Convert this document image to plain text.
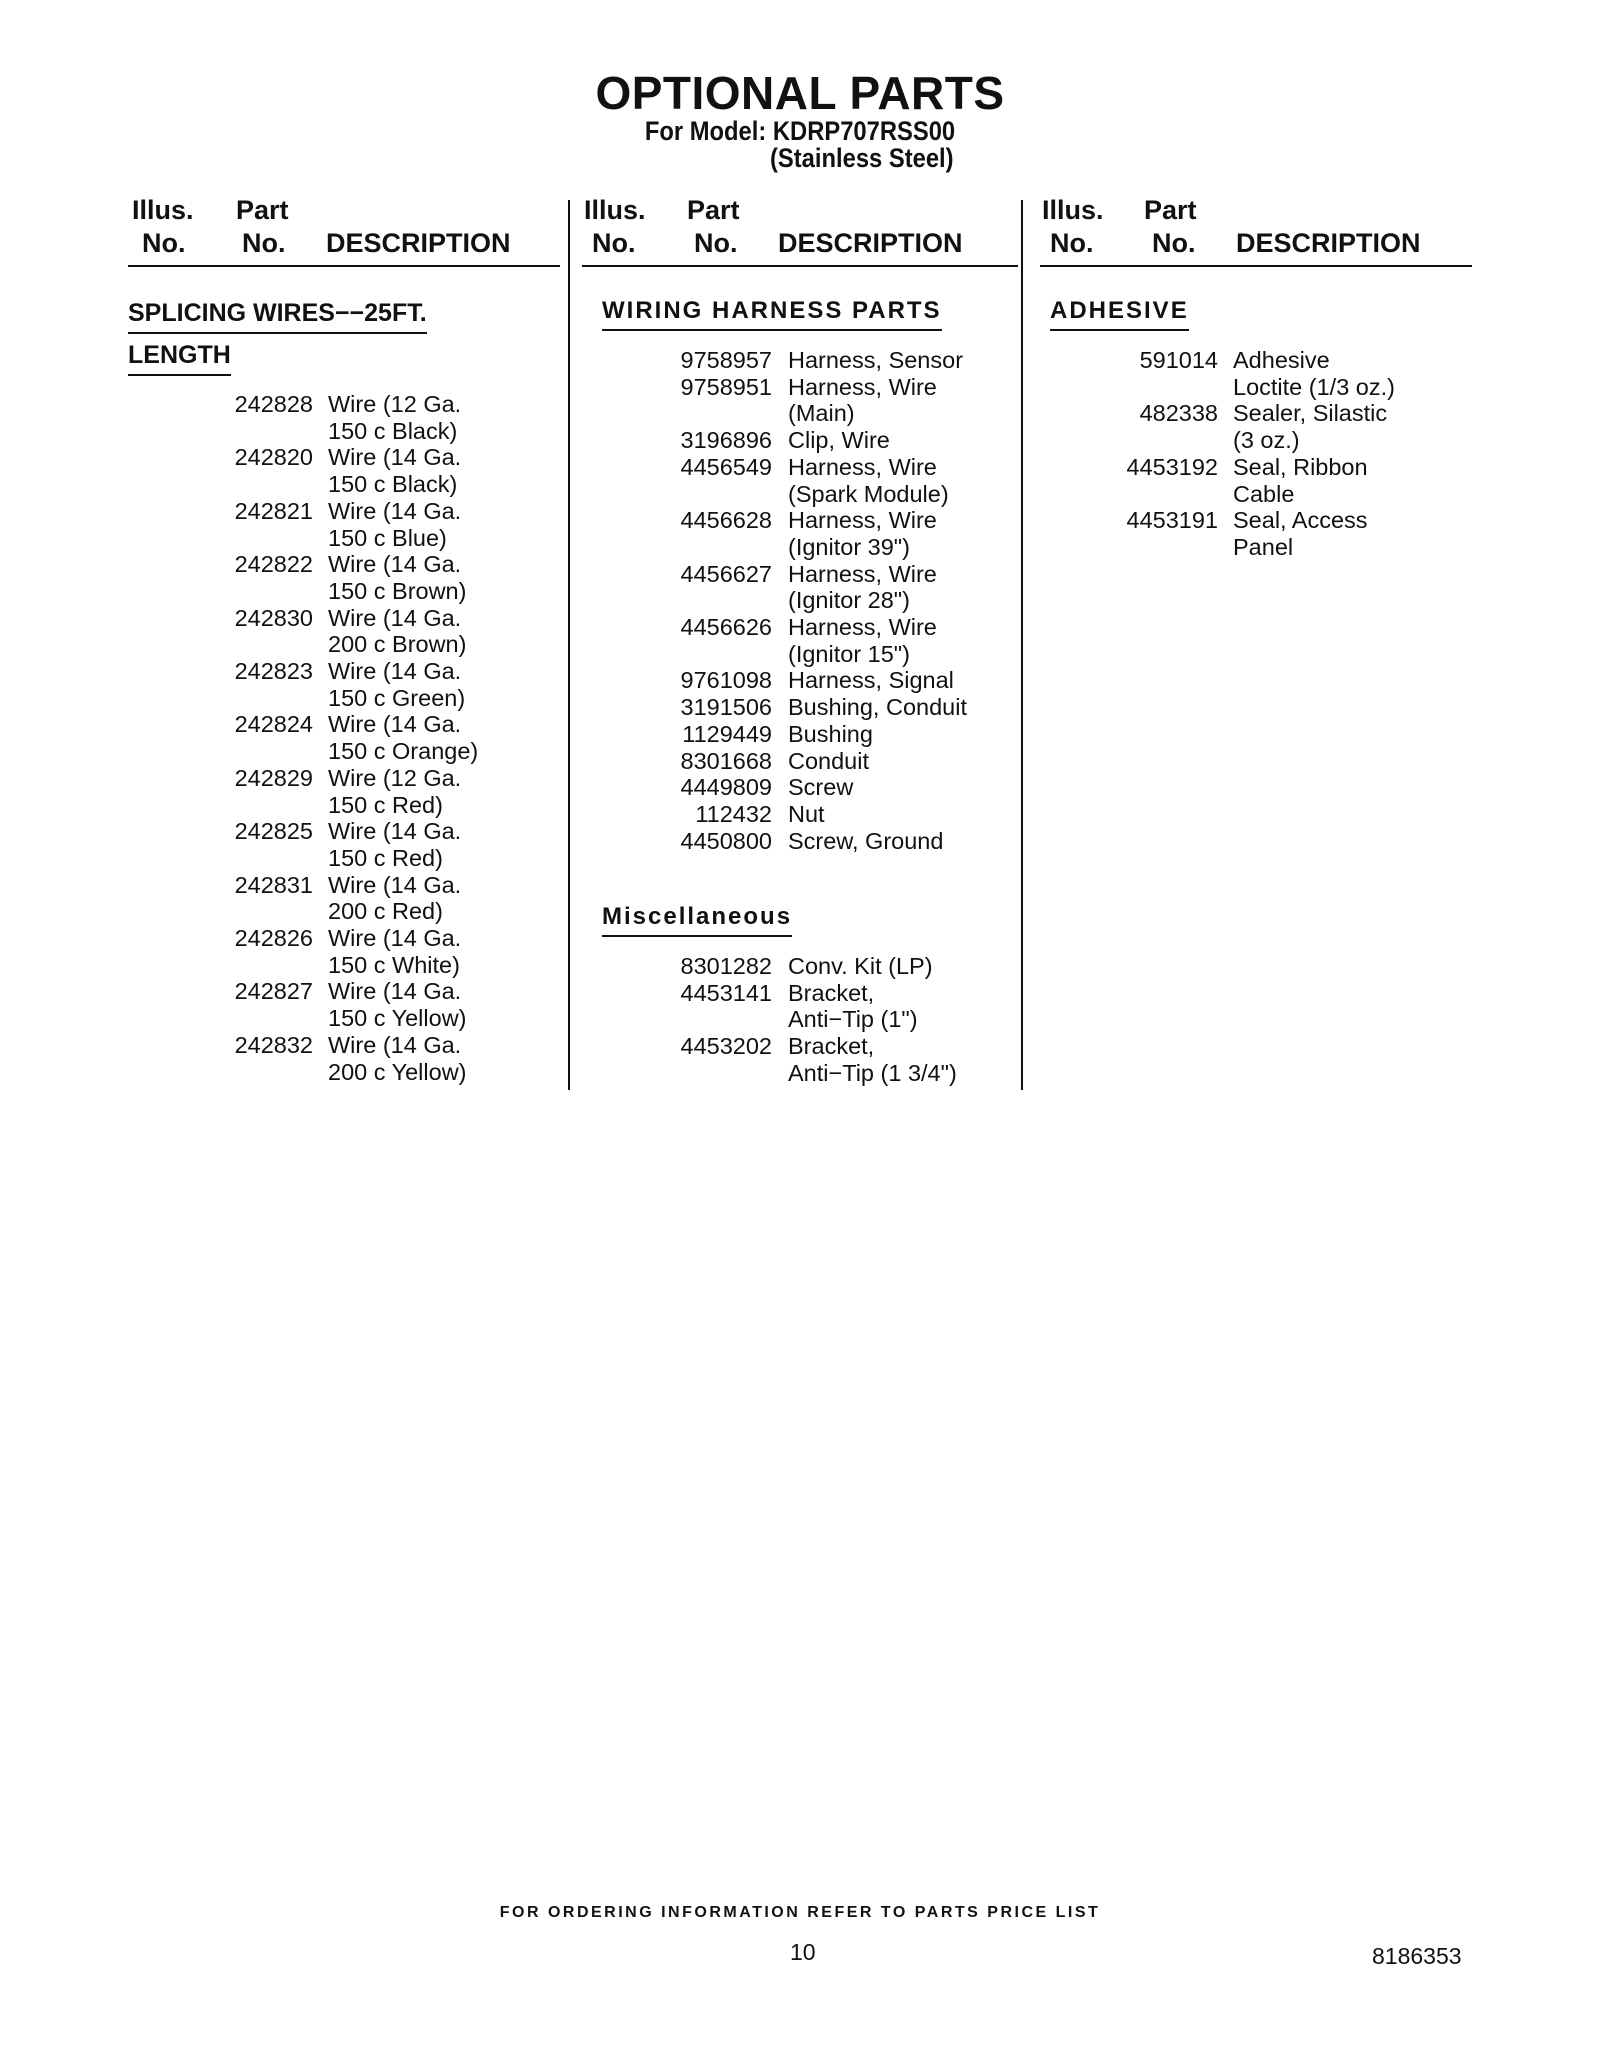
OPTIONAL PARTS
For Model: KDRP707RSS00
(Stainless Steel)
Illus.
No.
Part
No. DESCRIPTION
SPLICING WIRES−−25FT.
LENGTH
242828 Wire (12 Ga.
150 c Black)
242820 Wire (14 Ga.
150 c Black)
242821 Wire (14 Ga.
150 c Blue)
242822 Wire (14 Ga.
150 c Brown)
242830 Wire (14 Ga.
200 c Brown)
242823 Wire (14 Ga.
150 c Green)
242824 Wire (14 Ga.
150 c Orange)
242829 Wire (12 Ga.
150 c Red)
242825 Wire (14 Ga.
150 c Red)
242831 Wire (14 Ga.
200 c Red)
242826 Wire (14 Ga.
150 c White)
242827 Wire (14 Ga.
150 c Yellow)
242832 Wire (14 Ga.
200 c Yellow)
Illus.
No.
Part
No. DESCRIPTION
WIRING HARNESS PARTS
9758957 Harness, Sensor
9758951 Harness, Wire
(Main)
3196896 Clip, Wire
4456549 Harness, Wire
(Spark Module)
4456628 Harness, Wire
(Ignitor 39")
4456627 Harness, Wire
(Ignitor 28")
4456626 Harness, Wire
(Ignitor 15")
9761098 Harness, Signal
3191506 Bushing, Conduit
1129449 Bushing
8301668 Conduit
4449809 Screw
112432 Nut
4450800 Screw, Ground
Miscellaneous
8301282 Conv. Kit (LP)
4453141 Bracket,
Anti−Tip (1")
4453202 Bracket,
Anti−Tip (1 3/4")
Illus.
No.
Part
No. DESCRIPTION
ADHESIVE
591014 Adhesive
Loctite (1/3 oz.)
482338 Sealer, Silastic
(3 oz.)
4453192 Seal, Ribbon
Cable
4453191 Seal, Access
Panel
FOR ORDERING INFORMATION REFER TO PARTS PRICE LIST
10	8186353
